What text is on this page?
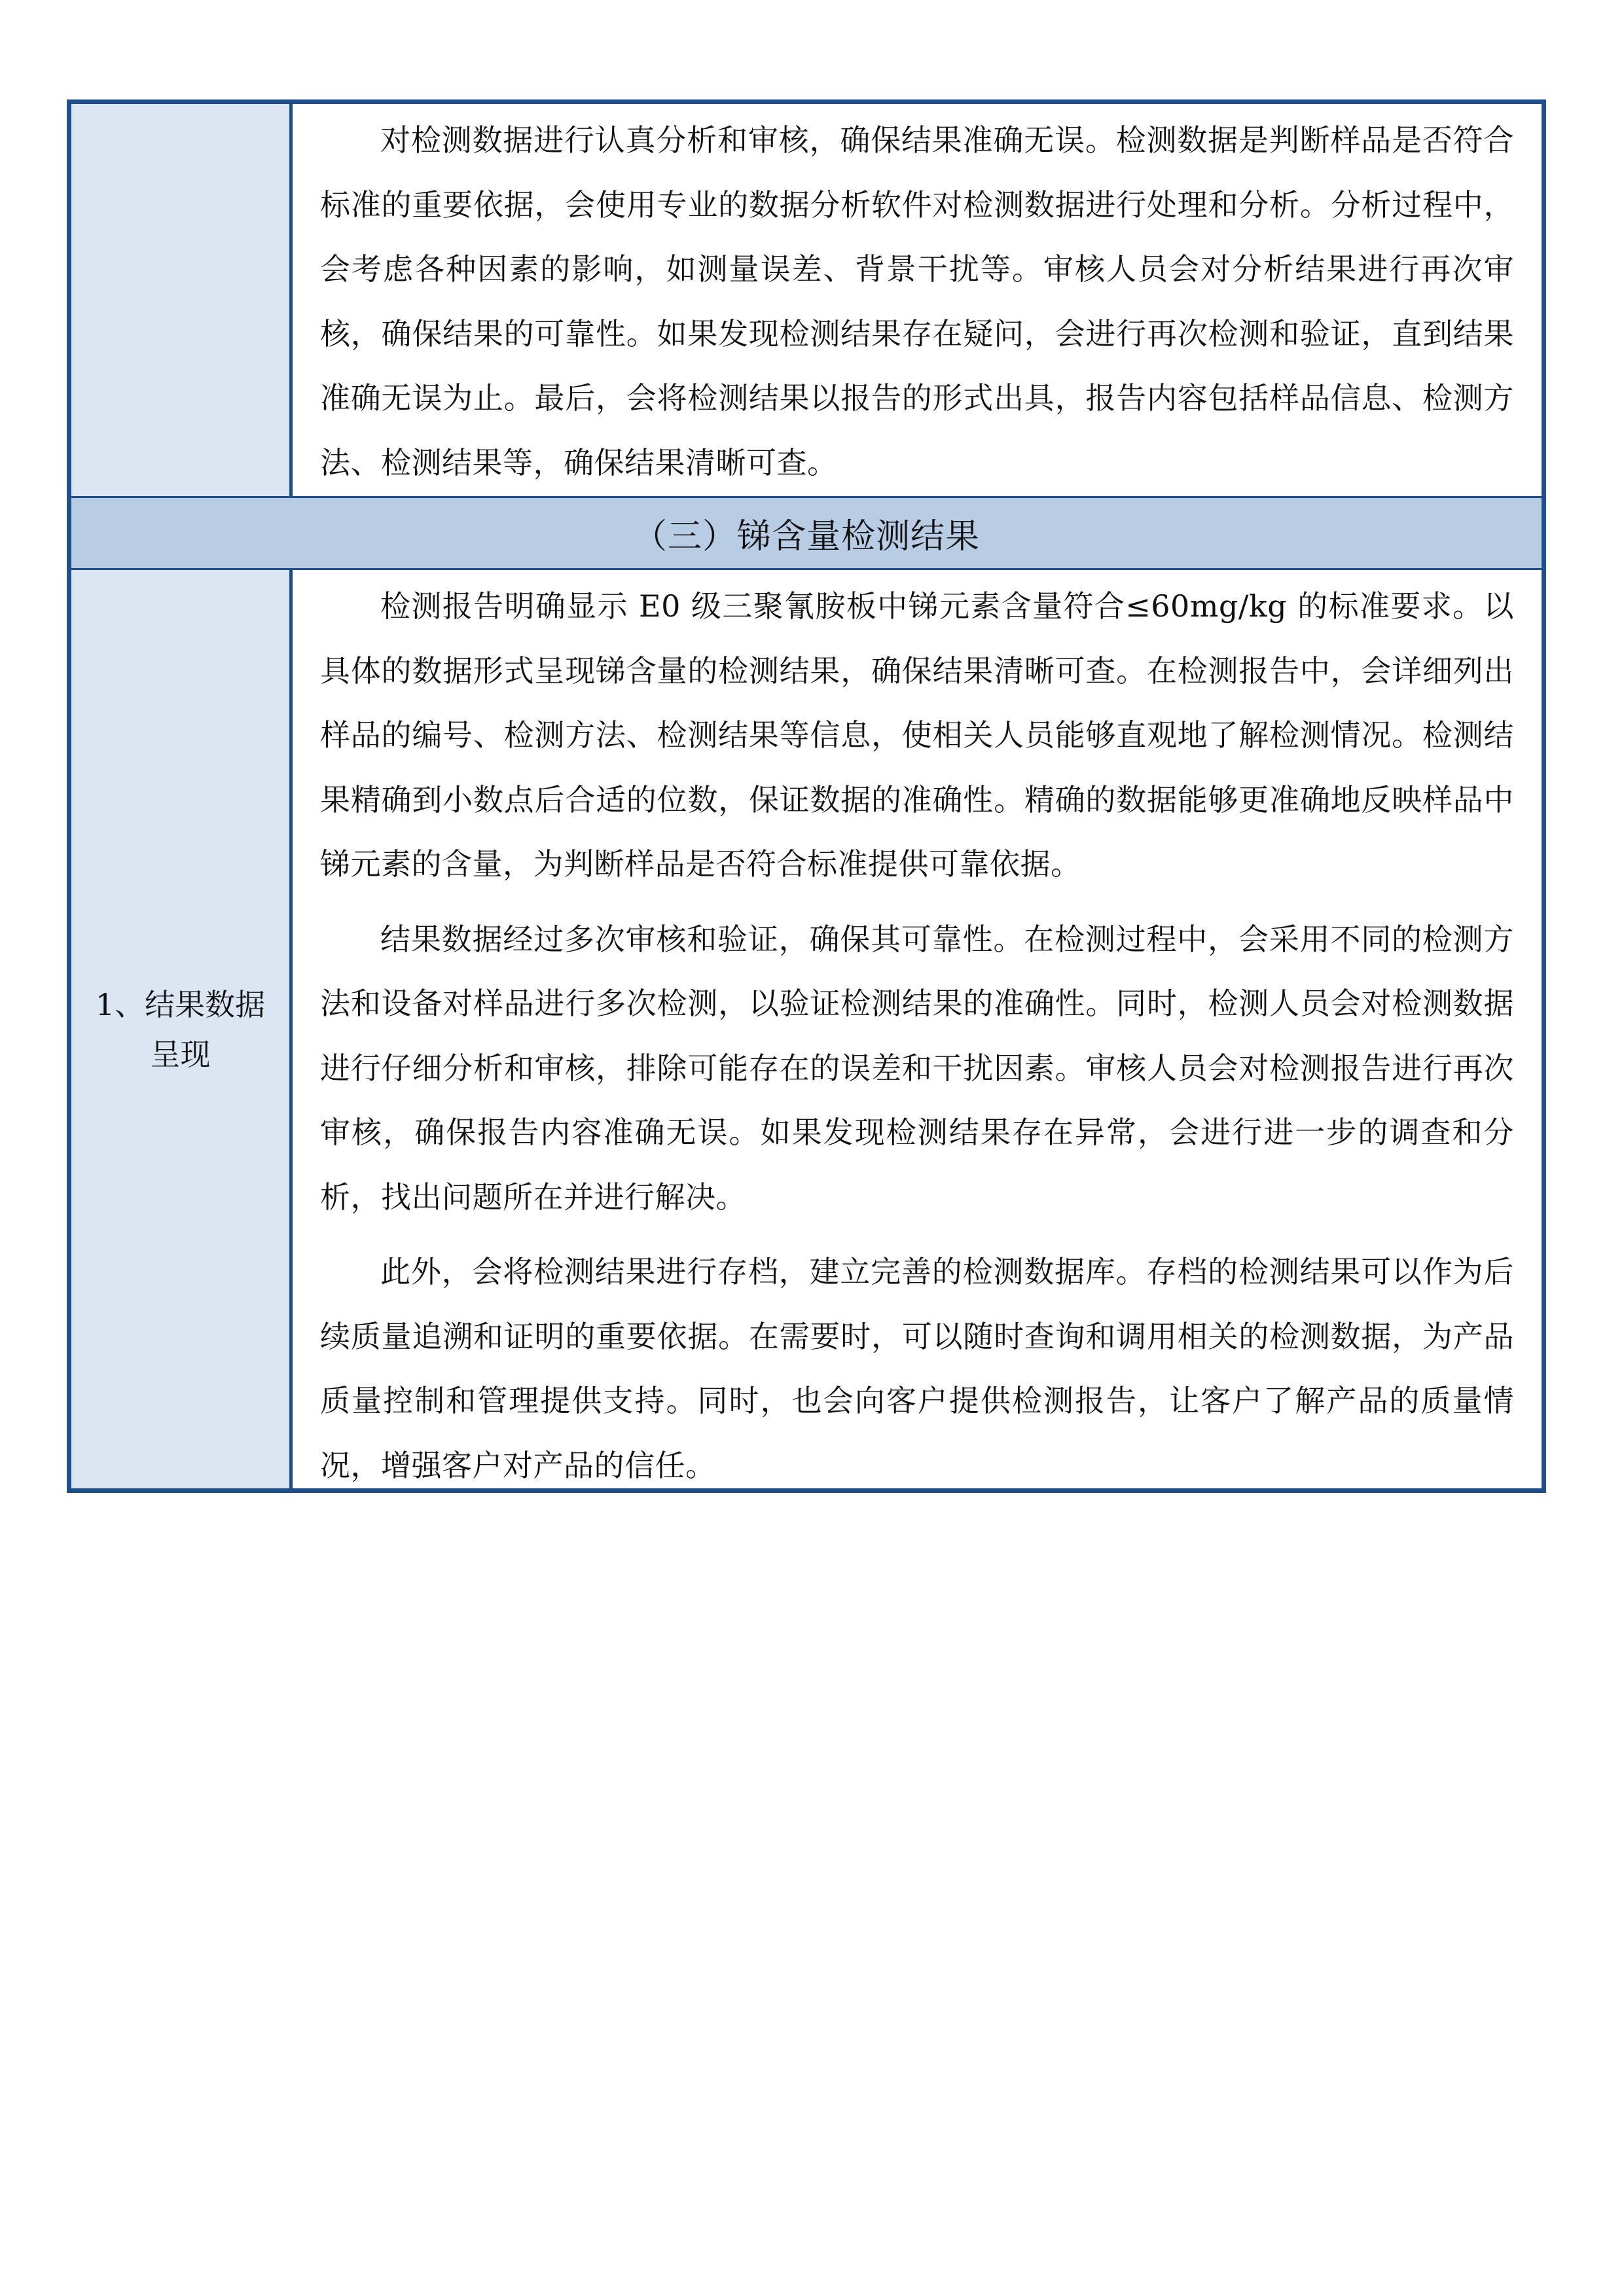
对检测数据进行认真分析和审核，确保结果准确无误。检测数据是判断样品是否符合标准的重要依据，会使用专业的数据分析软件对检测数据进行处理和分析。分析过程中，会考虑各种因素的影响，如测量误差、背景干扰等。审核人员会对分析结果进行再次审核，确保结果的可靠性。如果发现检测结果存在疑问，会进行再次检测和验证，直到结果准确无误为止。最后，会将检测结果以报告的形式出具，报告内容包括样品信息、检测方法、检测结果等，确保结果清晰可查。

（三）锑含量检测结果
1、结果数据呈现

检测报告明确显示 E0 级三聚氰胺板中锑元素含量符合≤60mg/kg 的标准要求。以具体的数据形式呈现锑含量的检测结果，确保结果清晰可查。在检测报告中，会详细列出样品的编号、检测方法、检测结果等信息，使相关人员能够直观地了解检测情况。检测结果精确到小数点后合适的位数，保证数据的准确性。精确的数据能够更准确地反映样品中锑元素的含量，为判断样品是否符合标准提供可靠依据。

结果数据经过多次审核和验证，确保其可靠性。在检测过程中，会采用不同的检测方法和设备对样品进行多次检测，以验证检测结果的准确性。同时，检测人员会对检测数据进行仔细分析和审核，排除可能存在的误差和干扰因素。审核人员会对检测报告进行再次审核，确保报告内容准确无误。如果发现检测结果存在异常，会进行进一步的调查和分析，找出问题所在并进行解决。

此外，会将检测结果进行存档，建立完善的检测数据库。存档的检测结果可以作为后续质量追溯和证明的重要依据。在需要时，可以随时查询和调用相关的检测数据，为产品质量控制和管理提供支持。同时，也会向客户提供检测报告，让客户了解产品的质量情况，增强客户对产品的信任。
